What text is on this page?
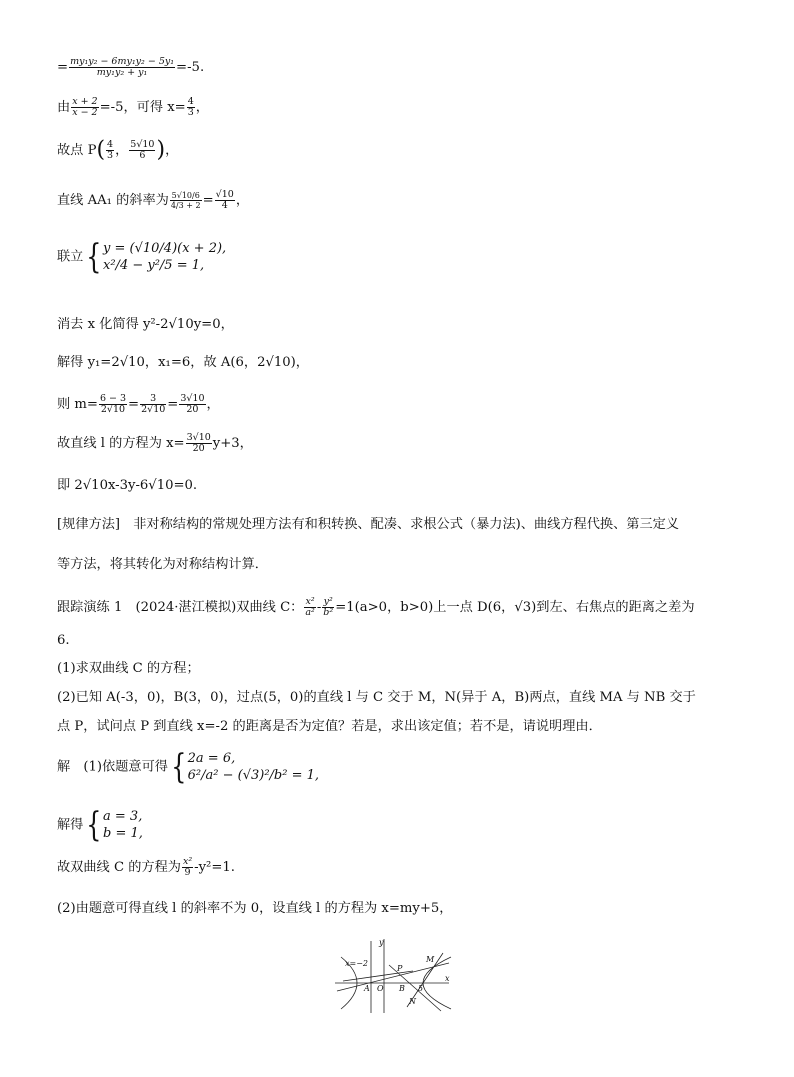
= $\frac{\text{my₁y₂ − 6my₁y₂ − 5y₁}}{\text{my₁y₂ + y₁}} =-5$.
由 $\frac{x + 2}{x - 2} =-5$，可得 $x= \frac{4}{3}$ ，
故点 $P( \frac{4}{3}$ ， $\frac{5√10}{6}$ )，
直线 AA₁ 的斜率为 $\frac{5√10/6}{4/3 + 2} = \frac{√10}{4}$ ，
联立{ y = (√10/4)(x + 2),
x²/4 − y²/5 = 1,
消去 x 化简得 y²-2√10y=0，
解得 y₁=2√10，x₁=6，故 A(6，2√10)，
则 $m= \frac{6 - 3}{2√10} = \frac{3}{2√10} = \frac{3√10}{20}$ ，
故直线 l 的方程为 $x= \frac{3√10}{20} y+3$，
即 2√10x-3y-6√10=0.
[规律方法]　非对称结构的常规处理方法有和积转换、配凑、求根公式（暴力法)、曲线方程代换、第三定义
等方法，将其转化为对称结构计算．
跟踪演练 1　(2024·湛江模拟)双曲线 C： $\frac{\text{x²}}{\text{a²}} - \frac{\text{y²}}{\text{b²}} =1(a>0$，b>0)上一点 D(6，√3)到左、右焦点的距离之差为
6.
(1)求双曲线 C 的方程；
(2)已知 A(-3，0)，B(3，0)，过点(5，0)的直线 l 与 C 交于 M，N(异于 A，B)两点，直线 MA 与 NB 交于
点 P，试问点 P 到直线 x=-2 的距离是否为定值？若是，求出该定值；若不是，请说明理由．
解　(1)依题意可得{ 2a = 6,
6²/a² − (√3)²/b² = 1,
解得{ a = 3,
b = 1,
故双曲线 C 的方程为 $\frac{\text{x²}}{9} -y^2=1$.
(2)由题意可得直线 l 的斜率不为 0，设直线 l 的方程为 x=my+5，
x=−2
y
x
O
A	B
P
M
N
5
